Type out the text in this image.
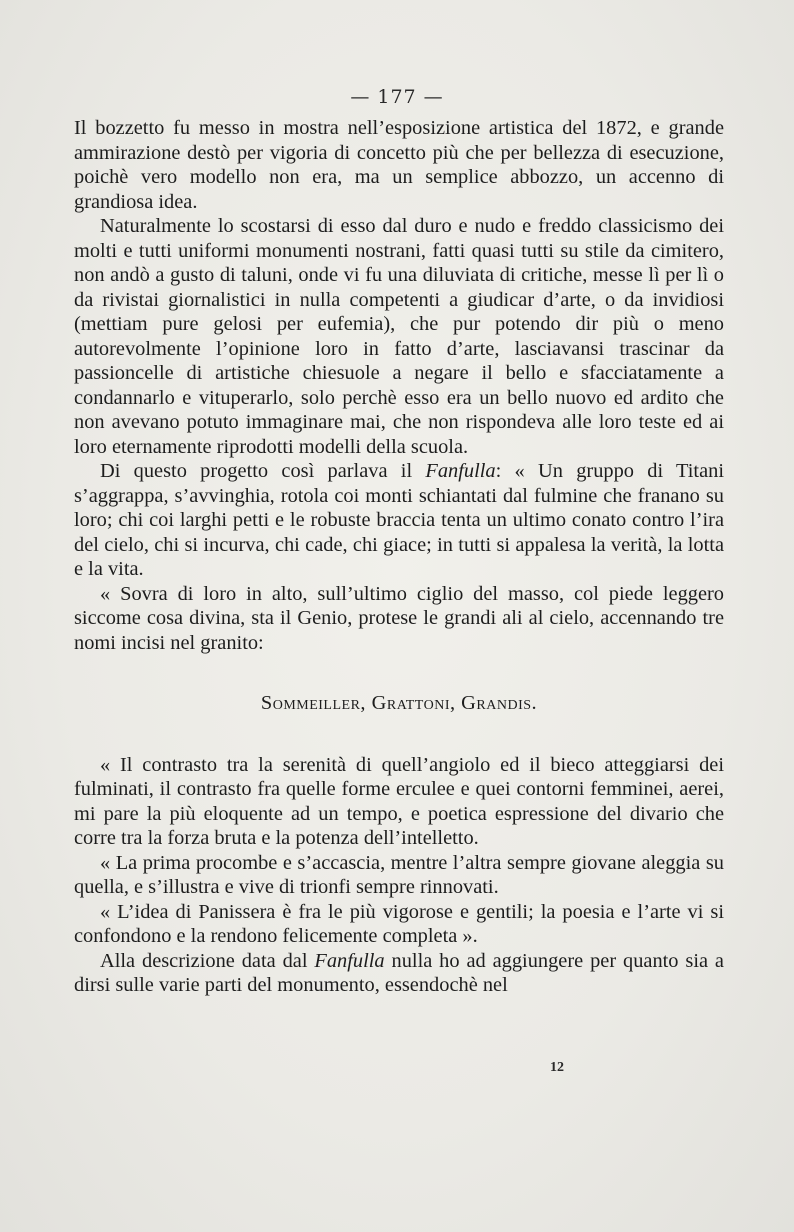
— 177 —

Il bozzetto fu messo in mostra nell’esposizione artistica del 1872, e grande ammirazione destò per vigoria di concetto più che per bellezza di esecuzione, poichè vero modello non era, ma un semplice abbozzo, un accenno di grandiosa idea.

Naturalmente lo scostarsi di esso dal duro e nudo e freddo classicismo dei molti e tutti uniformi monumenti nostrani, fatti quasi tutti su stile da cimitero, non andò a gusto di taluni, onde vi fu una diluviata di critiche, messe lì per lì o da rivistai giornalistici in nulla competenti a giudicar d’arte, o da invidiosi (mettiam pure gelosi per eufemia), che pur potendo dir più o meno autorevolmente l’opinione loro in fatto d’arte, lasciavansi trascinar da passioncelle di artistiche chiesuole a negare il bello e sfacciatamente a condannarlo e vituperarlo, solo perchè esso era un bello nuovo ed ardito che non avevano potuto immaginare mai, che non rispondeva alle loro teste ed ai loro eternamente riprodotti modelli della scuola.

Di questo progetto così parlava il Fanfulla: « Un gruppo di Titani s’aggrappa, s’avvinghia, rotola coi monti schiantati dal fulmine che franano su loro; chi coi larghi petti e le robuste braccia tenta un ultimo conato contro l’ira del cielo, chi si incurva, chi cade, chi giace; in tutti si appalesa la verità, la lotta e la vita.

« Sovra di loro in alto, sull’ultimo ciglio del masso, col piede leggero siccome cosa divina, sta il Genio, protese le grandi ali al cielo, accennando tre nomi incisi nel granito:

Sommeiller, Grattoni, Grandis.

« Il contrasto tra la serenità di quell’angiolo ed il bieco atteggiarsi dei fulminati, il contrasto fra quelle forme erculee e quei contorni femminei, aerei, mi pare la più eloquente ad un tempo, e poetica espressione del divario che corre tra la forza bruta e la potenza dell’intelletto.

« La prima procombe e s’accascia, mentre l’altra sempre giovane aleggia su quella, e s’illustra e vive di trionfi sempre rinnovati.

« L’idea di Panissera è fra le più vigorose e gentili; la poesia e l’arte vi si confondono e la rendono felicemente completa ».

Alla descrizione data dal Fanfulla nulla ho ad aggiungere per quanto sia a dirsi sulle varie parti del monumento, essendochè nel

12
